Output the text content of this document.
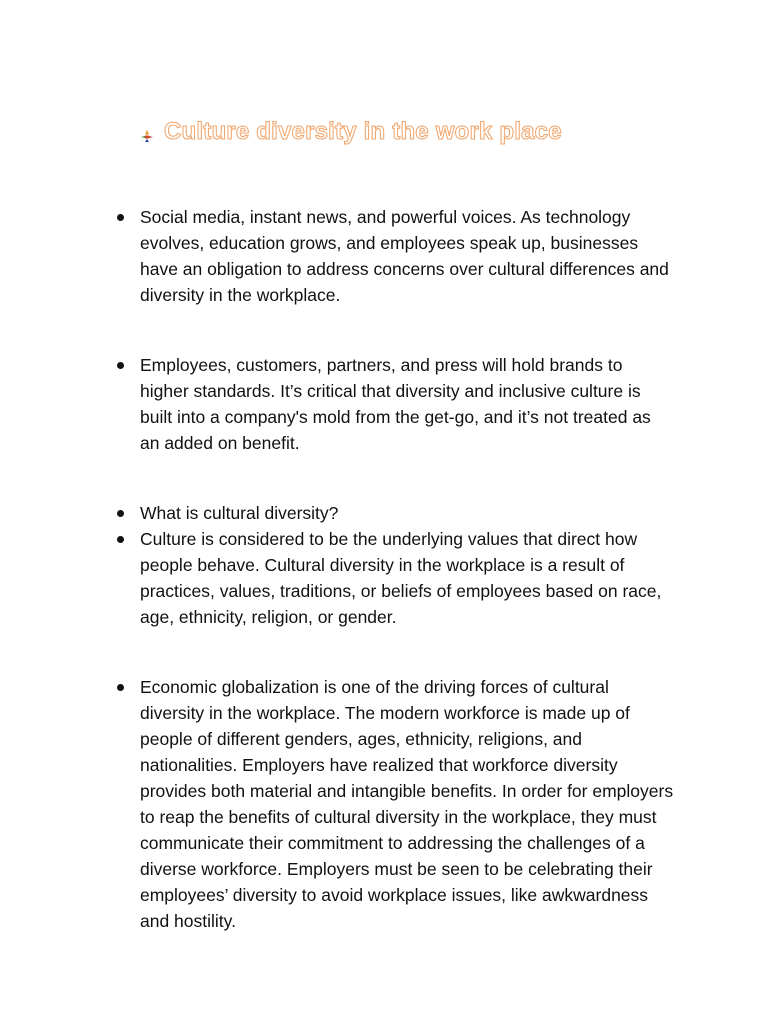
Culture diversity in the work place
Social media, instant news, and powerful voices. As technology evolves, education grows, and employees speak up, businesses have an obligation to address concerns over cultural differences and diversity in the workplace.
Employees, customers, partners, and press will hold brands to higher standards. It’s critical that diversity and inclusive culture is built into a company's mold from the get-go, and it’s not treated as an added on benefit.
What is cultural diversity?
Culture is considered to be the underlying values that direct how people behave. Cultural diversity in the workplace is a result of practices, values, traditions, or beliefs of employees based on race, age, ethnicity, religion, or gender.
Economic globalization is one of the driving forces of cultural diversity in the workplace. The modern workforce is made up of people of different genders, ages, ethnicity, religions, and nationalities. Employers have realized that workforce diversity provides both material and intangible benefits. In order for employers to reap the benefits of cultural diversity in the workplace, they must communicate their commitment to addressing the challenges of a diverse workforce. Employers must be seen to be celebrating their employees’ diversity to avoid workplace issues, like awkwardness and hostility.
